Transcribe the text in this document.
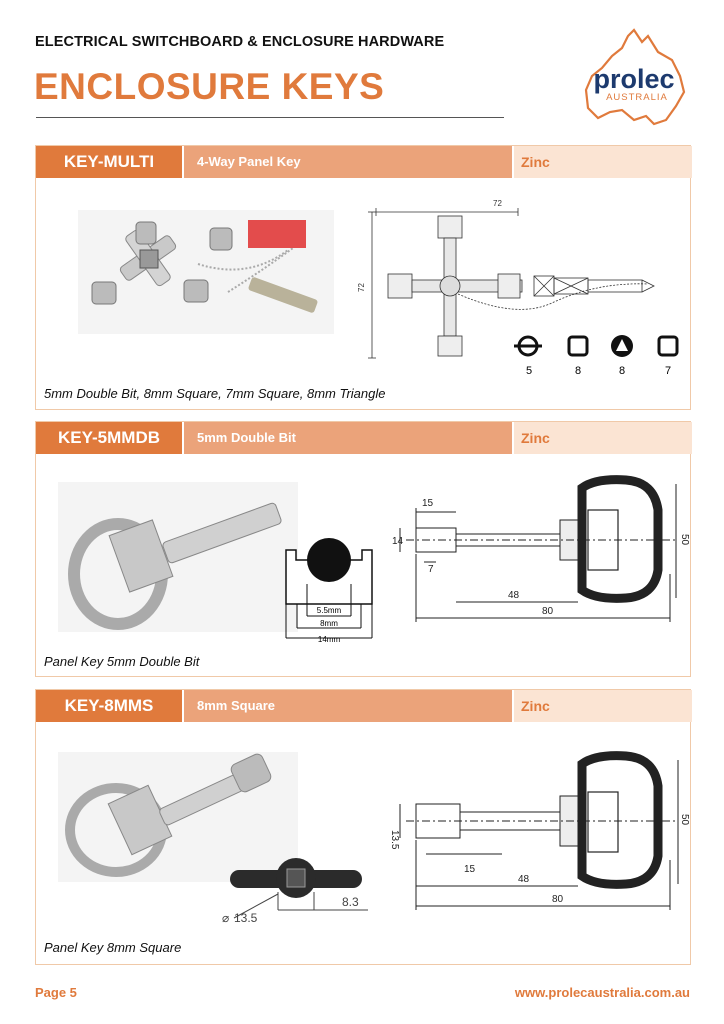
ELECTRICAL SWITCHBOARD & ENCLOSURE HARDWARE
ENCLOSURE KEYS	prolec
AUSTRALIA
KEY-MULTI	4-Way Panel Key	Zinc
72
72
5	8	8	7
5mm Double Bit, 8mm Square, 7mm Square, 8mm Triangle
KEY-5MMDB	5mm Double Bit	Zinc
5.5mm
8mm
14mm
15
14
7
48
80
50
Panel Key 5mm Double Bit
KEY-8MMS	8mm Square	Zinc
⌀ 13.5
8.3
13.5
15
48
80
50
Panel Key 8mm Square
Page 5	www.prolecaustralia.com.au
